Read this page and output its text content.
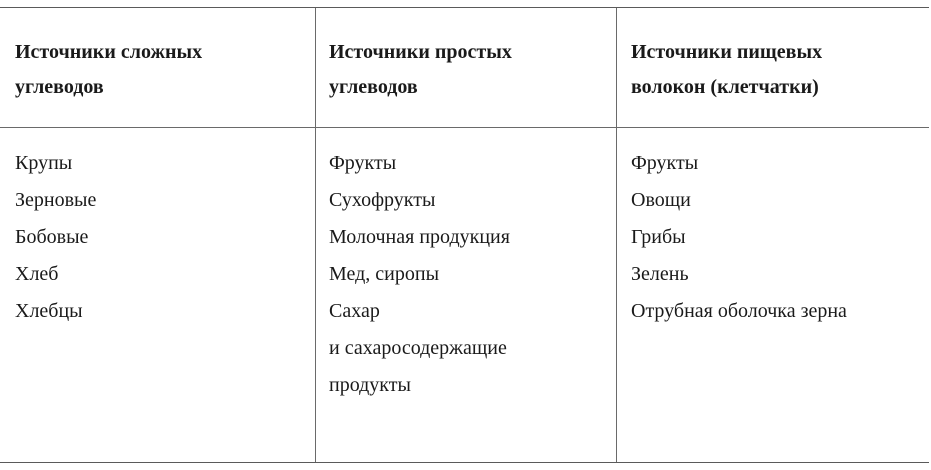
Источники сложных
углеводов
Источники простых
углеводов
Источники пищевых
волокон (клетчатки)
Крупы
Зерновые
Бобовые
Хлеб
Хлебцы
Фрукты
Сухофрукты
Молочная продукция
Мед, сиропы
Сахар
и сахаросодержащие
продукты
Фрукты
Овощи
Грибы
Зелень
Отрубная оболочка зерна
